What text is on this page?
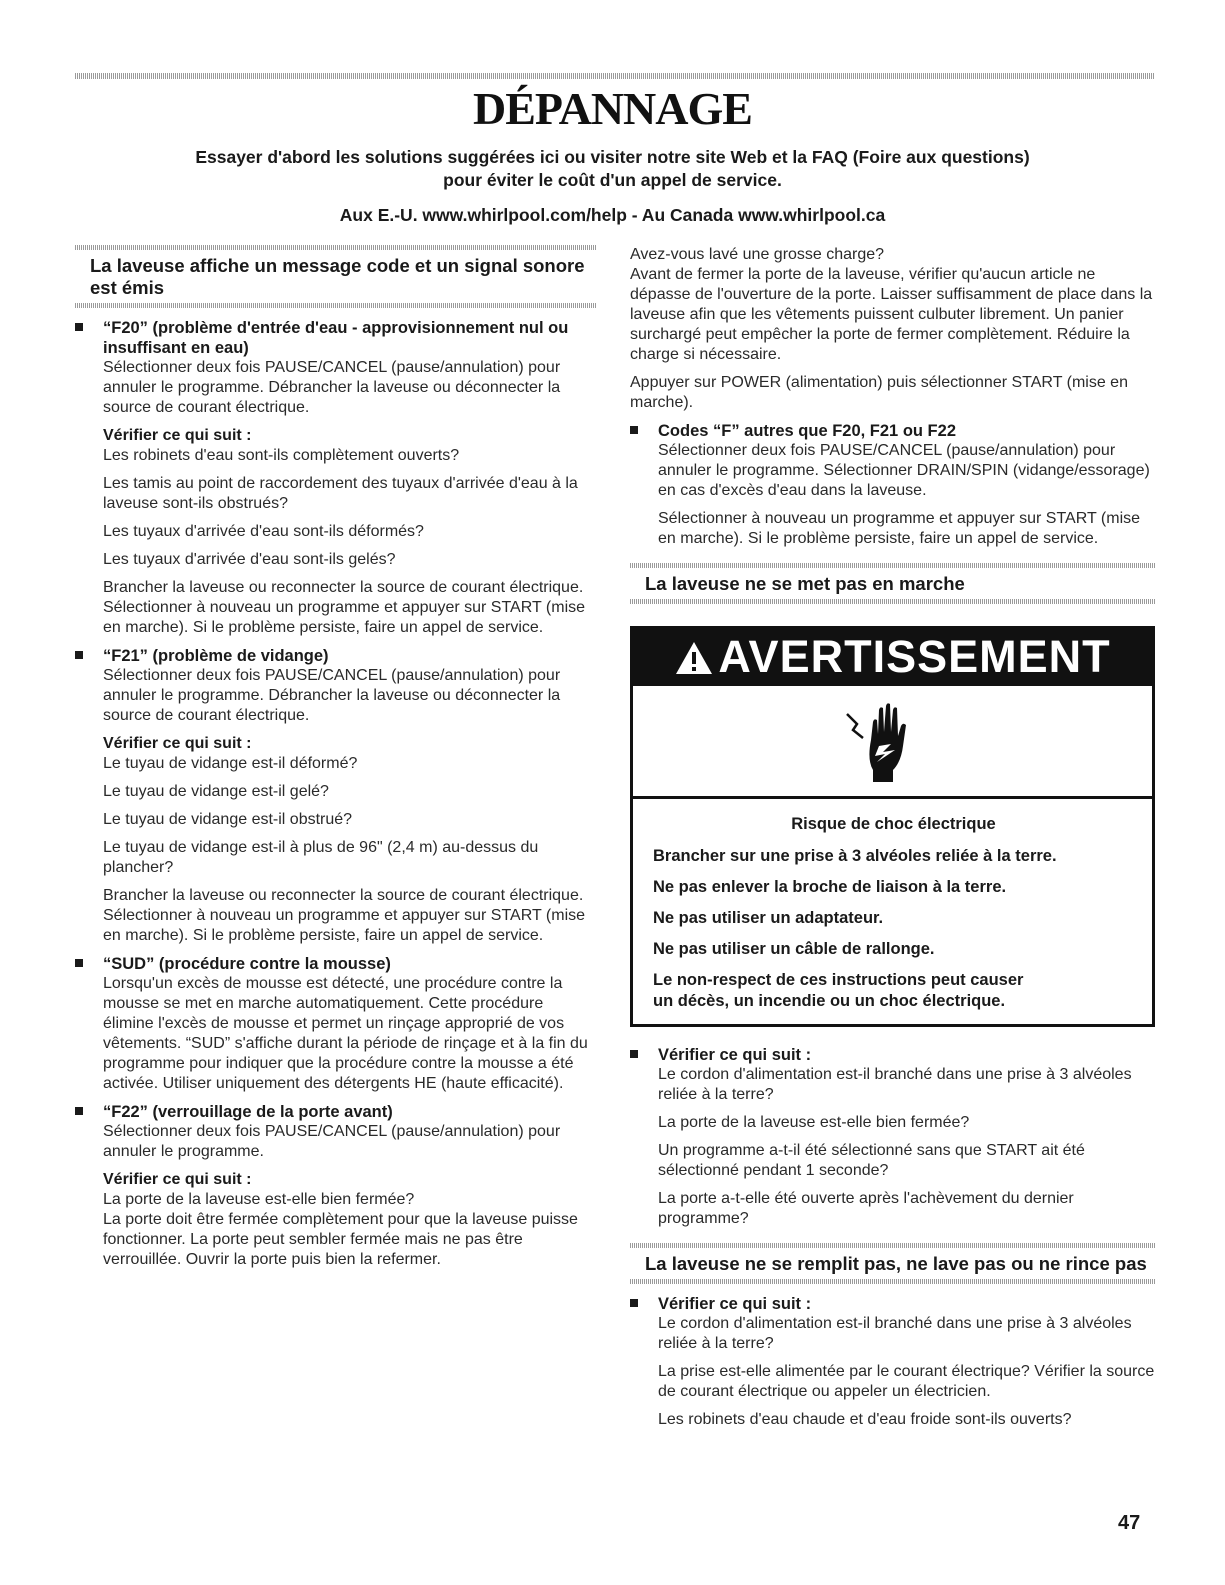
DÉPANNAGE
Essayer d'abord les solutions suggérées ici ou visiter notre site Web et la FAQ (Foire aux questions)
pour éviter le coût d'un appel de service.
Aux E.-U. www.whirlpool.com/help - Au Canada www.whirlpool.ca
La laveuse affiche un message code et un signal sonore est émis
“F20” (problème d'entrée d'eau - approvisionnement nul ou insuffisant en eau)

Sélectionner deux fois PAUSE/CANCEL (pause/annulation) pour annuler le programme. Débrancher la laveuse ou déconnecter la source de courant électrique.

Vérifier ce qui suit :

Les robinets d'eau sont-ils complètement ouverts?

Les tamis au point de raccordement des tuyaux d'arrivée d'eau à la laveuse sont-ils obstrués?

Les tuyaux d'arrivée d'eau sont-ils déformés?

Les tuyaux d'arrivée d'eau sont-ils gelés?

Brancher la laveuse ou reconnecter la source de courant électrique. Sélectionner à nouveau un programme et appuyer sur START (mise en marche). Si le problème persiste, faire un appel de service.

“F21” (problème de vidange)

Sélectionner deux fois PAUSE/CANCEL (pause/annulation) pour annuler le programme. Débrancher la laveuse ou déconnecter la source de courant électrique.

Vérifier ce qui suit :

Le tuyau de vidange est-il déformé?

Le tuyau de vidange est-il gelé?

Le tuyau de vidange est-il obstrué?

Le tuyau de vidange est-il à plus de 96" (2,4 m) au-dessus du plancher?

Brancher la laveuse ou reconnecter la source de courant électrique. Sélectionner à nouveau un programme et appuyer sur START (mise en marche). Si le problème persiste, faire un appel de service.

“SUD” (procédure contre la mousse)

Lorsqu'un excès de mousse est détecté, une procédure contre la mousse se met en marche automatiquement. Cette procédure élimine l'excès de mousse et permet un rinçage approprié de vos vêtements. “SUD” s'affiche durant la période de rinçage et à la fin du programme pour indiquer que la procédure contre la mousse a été activée. Utiliser uniquement des détergents HE (haute efficacité).

“F22” (verrouillage de la porte avant)

Sélectionner deux fois PAUSE/CANCEL (pause/annulation) pour annuler le programme.

Vérifier ce qui suit :

La porte de la laveuse est-elle bien fermée?

La porte doit être fermée complètement pour que la laveuse puisse fonctionner. La porte peut sembler fermée mais ne pas être verrouillée. Ouvrir la porte puis bien la refermer.

Avez-vous lavé une grosse charge?

Avant de fermer la porte de la laveuse, vérifier qu'aucun article ne dépasse de l'ouverture de la porte. Laisser suffisamment de place dans la laveuse afin que les vêtements puissent culbuter librement. Un panier surchargé peut empêcher la porte de fermer complètement. Réduire la charge si nécessaire.

Appuyer sur POWER (alimentation) puis sélectionner START (mise en marche).

Codes “F” autres que F20, F21 ou F22

Sélectionner deux fois PAUSE/CANCEL (pause/annulation) pour annuler le programme. Sélectionner DRAIN/SPIN (vidange/essorage) en cas d'excès d'eau dans la laveuse.

Sélectionner à nouveau un programme et appuyer sur START (mise en marche). Si le problème persiste, faire un appel de service.

La laveuse ne se met pas en marche
AVERTISSEMENT
Risque de choc électrique
Brancher sur une prise à 3 alvéoles reliée à la terre.
Ne pas enlever la broche de liaison à la terre.
Ne pas utiliser un adaptateur.
Ne pas utiliser un câble de rallonge.
Le non-respect de ces instructions peut causer
un décès, un incendie ou un choc électrique.
Vérifier ce qui suit :

Le cordon d'alimentation est-il branché dans une prise à 3 alvéoles reliée à la terre?

La porte de la laveuse est-elle bien fermée?

Un programme a-t-il été sélectionné sans que START ait été sélectionné pendant 1 seconde?

La porte a-t-elle été ouverte après l'achèvement du dernier programme?

La laveuse ne se remplit pas, ne lave pas ou ne rince pas
Vérifier ce qui suit :

Le cordon d'alimentation est-il branché dans une prise à 3 alvéoles reliée à la terre?

La prise est-elle alimentée par le courant électrique? Vérifier la source de courant électrique ou appeler un électricien.

Les robinets d'eau chaude et d'eau froide sont-ils ouverts?

47
